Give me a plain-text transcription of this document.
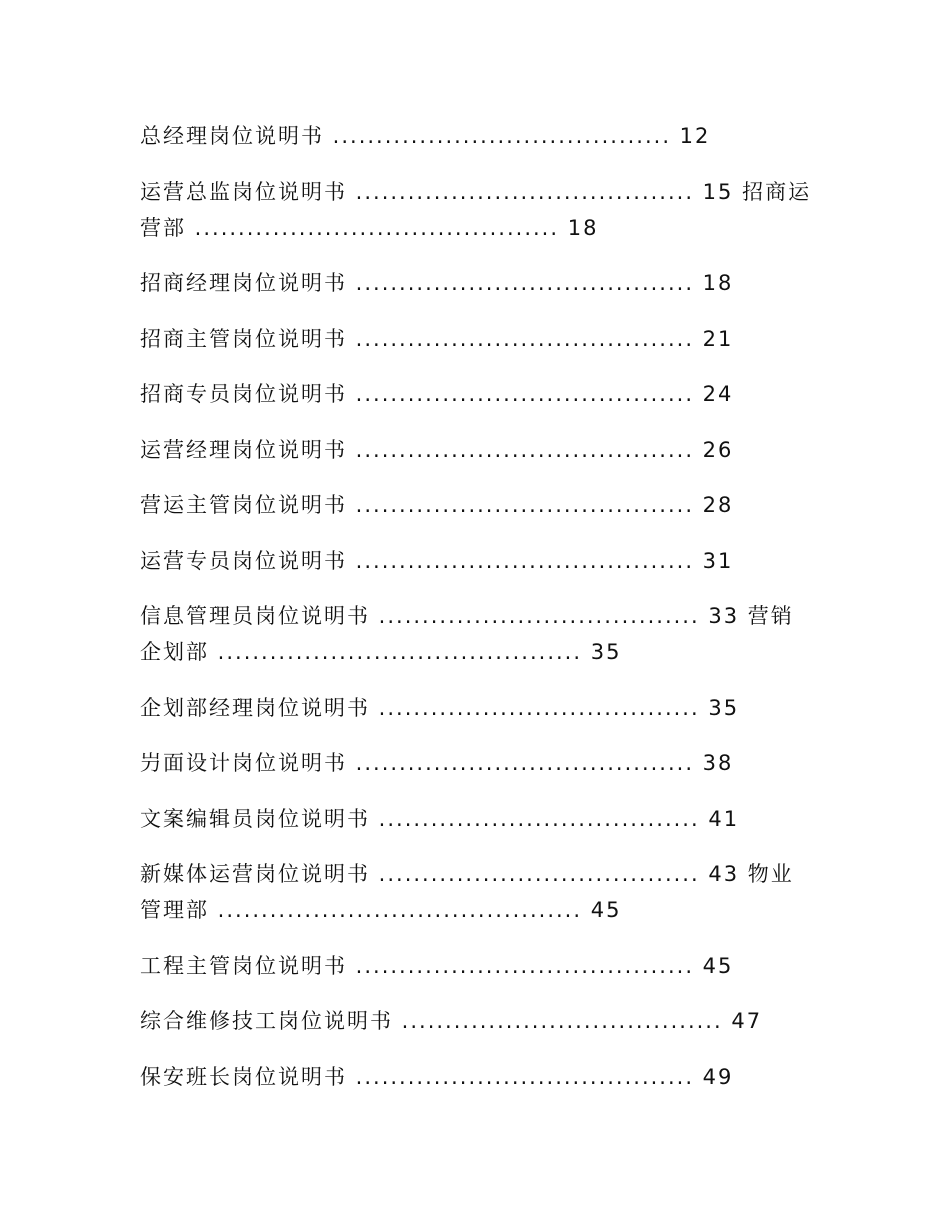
总经理岗位说明书 ....................................... 12

运营总监岗位说明书 ....................................... 15 招商运

营部 .......................................... 18

招商经理岗位说明书 ....................................... 18

招商主管岗位说明书 ....................................... 21

招商专员岗位说明书 ....................................... 24

运营经理岗位说明书 ....................................... 26

营运主管岗位说明书 ....................................... 28

运营专员岗位说明书 ....................................... 31

信息管理员岗位说明书 ..................................... 33 营销

企划部 .......................................... 35

企划部经理岗位说明书 ..................................... 35

屶面设计岗位说明书 ....................................... 38

文案编辑员岗位说明书 ..................................... 41

新媒体运营岗位说明书 ..................................... 43 物业

管理部 .......................................... 45

工程主管岗位说明书 ....................................... 45

综合维修技工岗位说明书 ..................................... 47

保安班长岗位说明书 ....................................... 49
